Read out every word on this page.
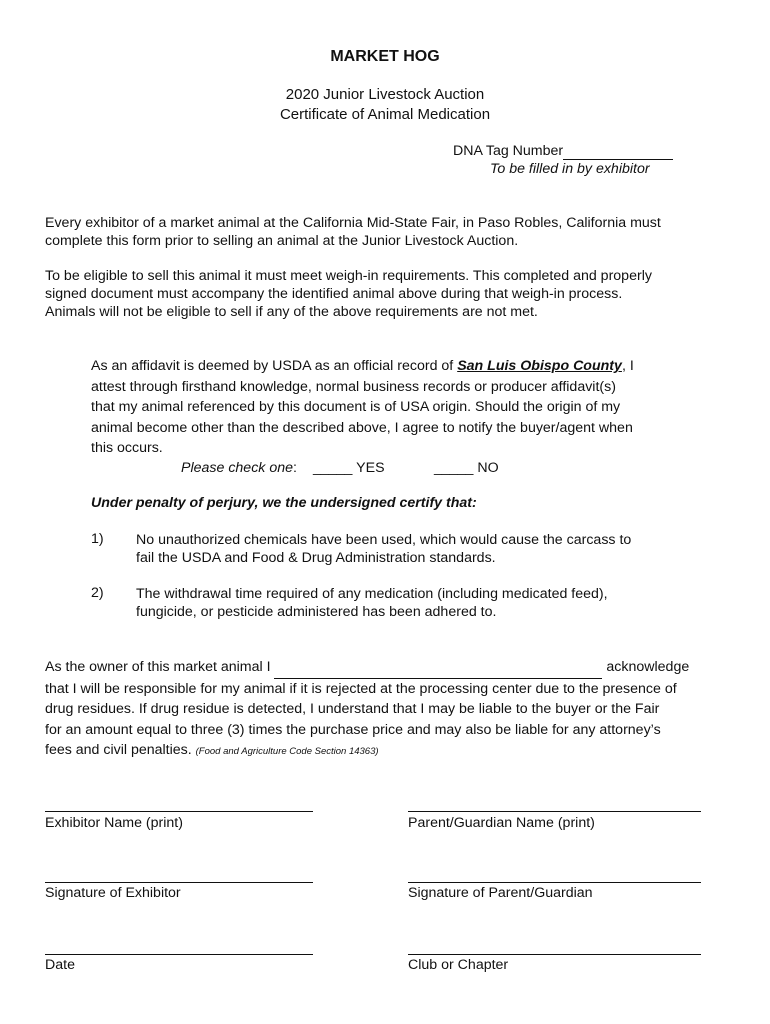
MARKET HOG
2020 Junior Livestock Auction
Certificate of Animal Medication
DNA Tag Number
To be filled in by exhibitor
Every exhibitor of a market animal at the California Mid-State Fair, in Paso Robles, California must
complete this form prior to selling an animal at the Junior Livestock Auction.
To be eligible to sell this animal it must meet weigh-in requirements. This completed and properly
signed document must accompany the identified animal above during that weigh-in process.
Animals will not be eligible to sell if any of the above requirements are not met.
As an affidavit is deemed by USDA as an official record of San Luis Obispo County, I
attest through firsthand knowledge, normal business records or producer affidavit(s)
that my animal referenced by this document is of USA origin. Should the origin of my
animal become other than the described above, I agree to notify the buyer/agent when
this occurs.
Please check one: _____ YES	_____ NO
Under penalty of perjury, we the undersigned certify that:
1) No unauthorized chemicals have been used, which would cause the carcass to
fail the USDA and Food & Drug Administration standards.
2) The withdrawal time required of any medication (including medicated feed),
fungicide, or pesticide administered has been adhered to.
As the owner of this market animal I	acknowledge
that I will be responsible for my animal if it is rejected at the processing center due to the presence of
drug residues. If drug residue is detected, I understand that I may be liable to the buyer or the Fair
for an amount equal to three (3) times the purchase price and may also be liable for any attorney’s
fees and civil penalties. (Food and Agriculture Code Section 14363)
Exhibitor Name (print)	Parent/Guardian Name (print)
Signature of Exhibitor	Signature of Parent/Guardian
Date	Club or Chapter
